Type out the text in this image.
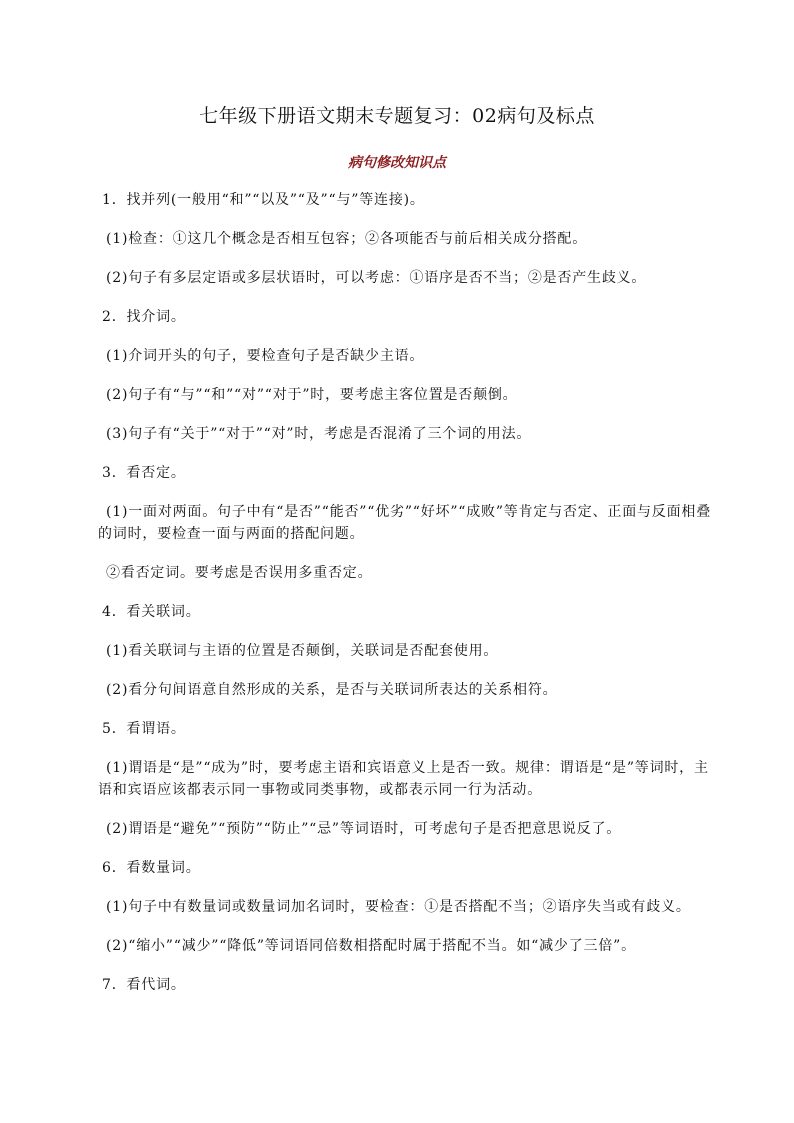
七年级下册语文期末专题复习：02病句及标点
病句修改知识点
1．找并列(一般用“和”“以及”“及”“与”等连接)。
(1)检查：①这几个概念是否相互包容；②各项能否与前后相关成分搭配。
(2)句子有多层定语或多层状语时，可以考虑：①语序是否不当；②是否产生歧义。
2．找介词。
(1)介词开头的句子，要检查句子是否缺少主语。
(2)句子有“与”“和”“对”“对于”时，要考虑主客位置是否颠倒。
(3)句子有“关于”“对于”“对”时，考虑是否混淆了三个词的用法。
3．看否定。
(1)一面对两面。句子中有“是否”“能否”“优劣”“好坏”“成败”等肯定与否定、正面与反面相叠的词时，要检查一面与两面的搭配问题。
②看否定词。要考虑是否误用多重否定。
4．看关联词。
(1)看关联词与主语的位置是否颠倒，关联词是否配套使用。
(2)看分句间语意自然形成的关系，是否与关联词所表达的关系相符。
5．看谓语。
(1)谓语是“是”“成为”时，要考虑主语和宾语意义上是否一致。规律：谓语是“是”等词时，主语和宾语应该都表示同一事物或同类事物，或都表示同一行为活动。
(2)谓语是“避免”“预防”“防止”“忌”等词语时，可考虑句子是否把意思说反了。
6．看数量词。
(1)句子中有数量词或数量词加名词时，要检查：①是否搭配不当；②语序失当或有歧义。
(2)“缩小”“减少”“降低”等词语同倍数相搭配时属于搭配不当。如“减少了三倍”。
7．看代词。
